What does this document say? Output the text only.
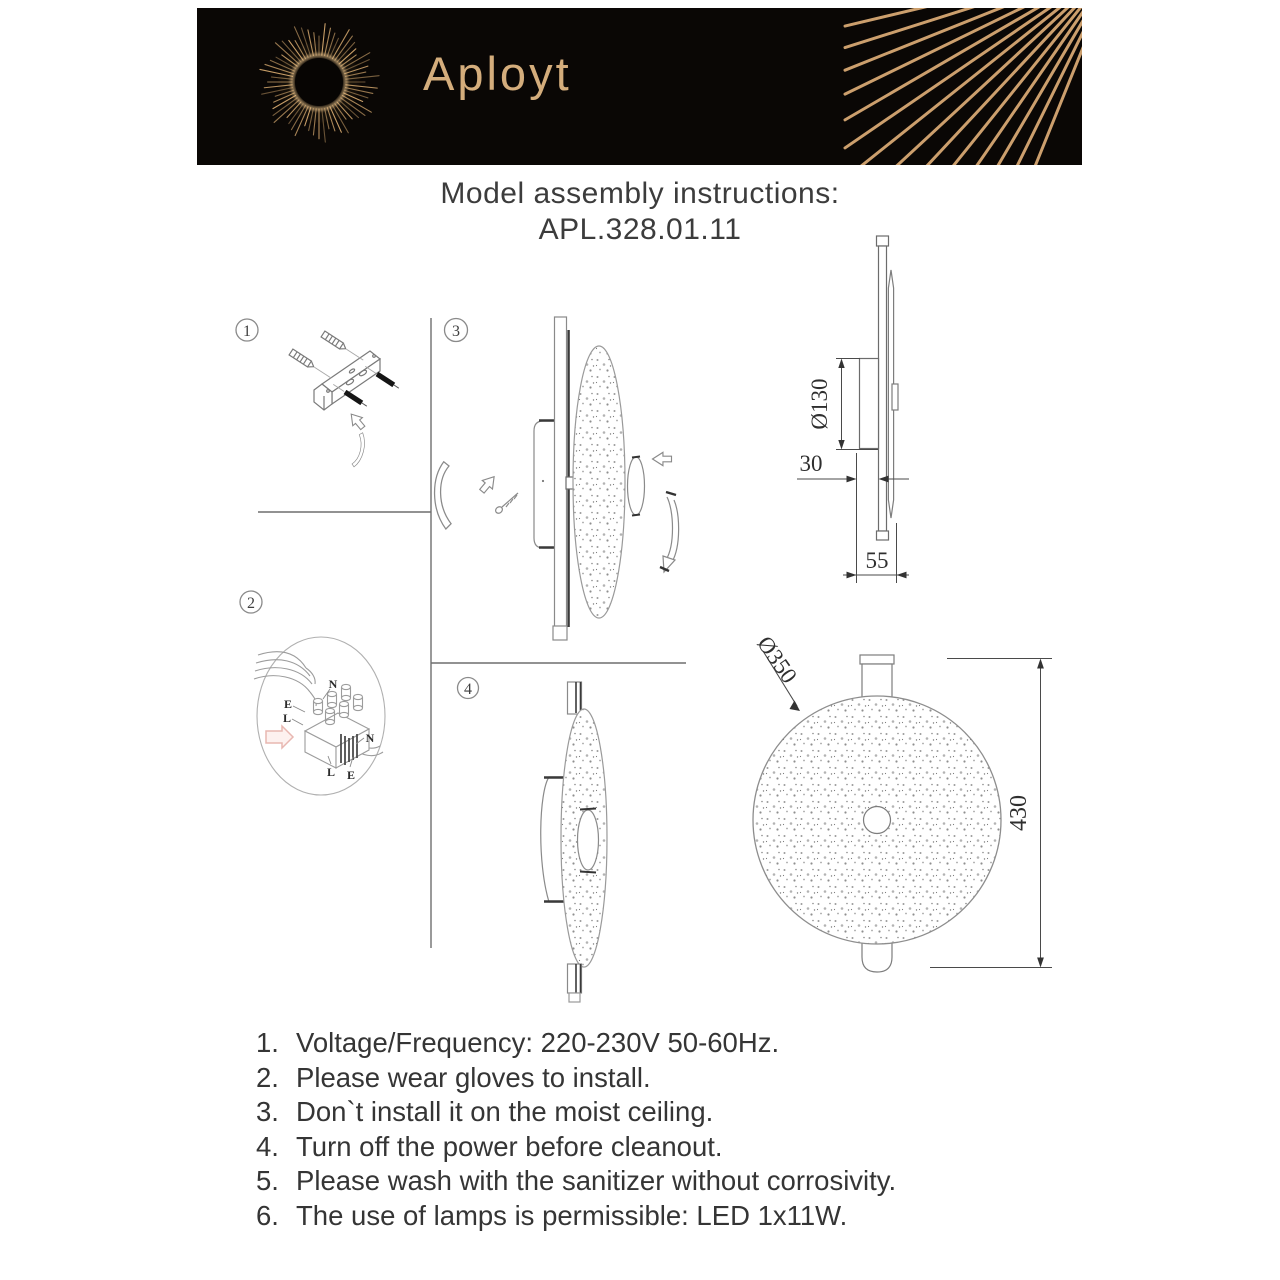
Aployt
Model assembly instructions:
APL.328.01.11
1
2
3
4
N
E
L
N
L E
Ø130
30
55
Ø350
430
1. Voltage/Frequency: 220-230V 50-60Hz.
2. Please wear gloves to install.
3. Don`t install it on the moist ceiling.
4. Turn off the power before cleanout.
5. Please wash with the sanitizer without corrosivity.
6. The use of lamps is permissible: LED 1x11W.
